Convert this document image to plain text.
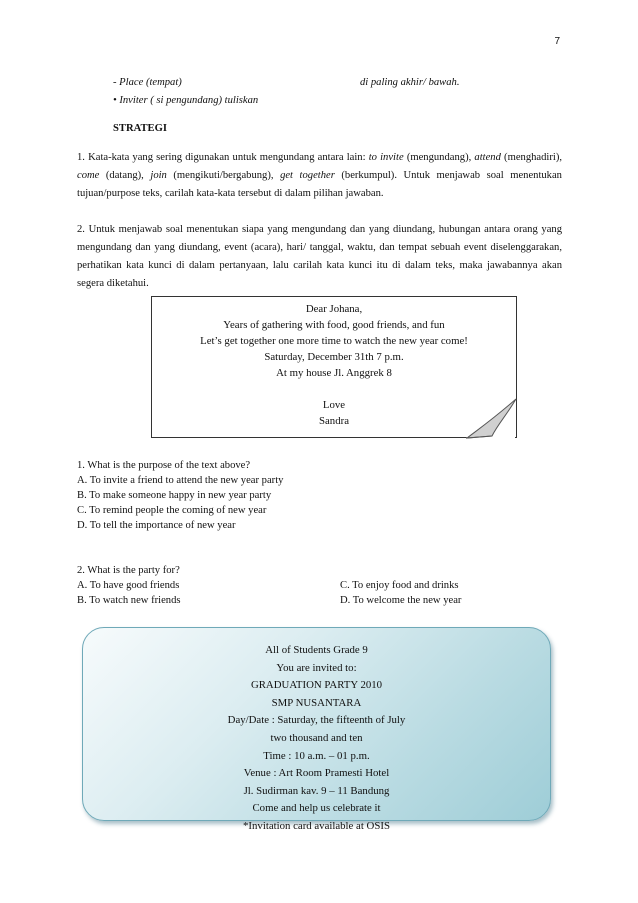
7
- Place (tempat)	di paling akhir/ bawah.
• Inviter ( si pengundang) tuliskan
STRATEGI

1. Kata-kata yang sering digunakan untuk mengundang antara lain: to invite (mengundang), attend (menghadiri), come (datang), join (mengikuti/bergabung), get together (berkumpul). Untuk menjawab soal menentukan tujuan/purpose teks, carilah kata-kata tersebut di dalam pilihan jawaban.

2. Untuk menjawab soal menentukan siapa yang mengundang dan yang diundang, hubungan antara orang yang mengundang dan yang diundang, event (acara), hari/ tanggal, waktu, dan tempat sebuah event diselenggarakan, perhatikan kata kunci di dalam pertanyaan, lalu carilah kata kunci itu di dalam teks, maka jawabannya akan segera diketahui.

Dear Johana,
Years of gathering with food, good friends, and fun
Let’s get together one more time to watch the new year come!
Saturday, December 31th 7 p.m.
At my house Jl. Anggrek 8
Love
Sandra
1. What is the purpose of the text above?
A. To invite a friend to attend the new year party
B. To make someone happy in new year party
C. To remind people the coming of new year
D. To tell the importance of new year
2. What is the party for?
A. To have good friends
B. To watch new friends
C. To enjoy food and drinks
D. To welcome the new year
All of Students Grade 9
You are invited to:
GRADUATION PARTY 2010
SMP NUSANTARA
Day/Date : Saturday, the fifteenth of July
two thousand and ten
Time : 10 a.m. – 01 p.m.
Venue : Art Room Pramesti Hotel
Jl. Sudirman kav. 9 – 11 Bandung
Come and help us celebrate it
*Invitation card available at OSIS
